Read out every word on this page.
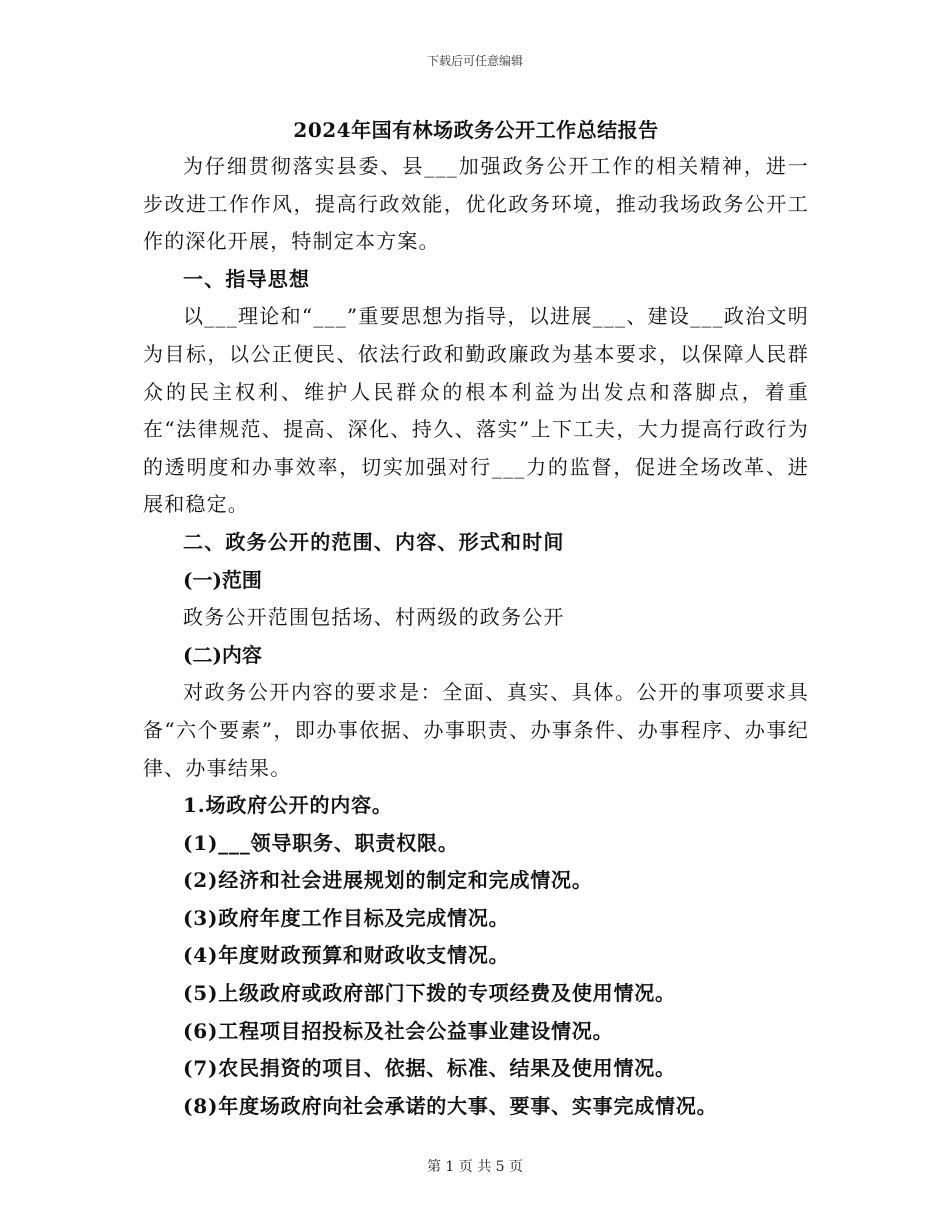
下载后可任意编辑
2024年国有林场政务公开工作总结报告

为仔细贯彻落实县委、县___加强政务公开工作的相关精神，进一步改进工作作风，提高行政效能，优化政务环境，推动我场政务公开工作的深化开展，特制定本方案。

一、指导思想

以___理论和“___”重要思想为指导，以进展___、建设___政治文明为目标，以公正便民、依法行政和勤政廉政为基本要求，以保障人民群众的民主权利、维护人民群众的根本利益为出发点和落脚点，着重在“法律规范、提高、深化、持久、落实”上下工夫，大力提高行政行为的透明度和办事效率，切实加强对行___力的监督，促进全场改革、进展和稳定。

二、政务公开的范围、内容、形式和时间

(一)范围

政务公开范围包括场、村两级的政务公开

(二)内容

对政务公开内容的要求是：全面、真实、具体。公开的事项要求具备“六个要素”，即办事依据、办事职责、办事条件、办事程序、办事纪律、办事结果。

1.场政府公开的内容。

(1)___领导职务、职责权限。

(2)经济和社会进展规划的制定和完成情况。

(3)政府年度工作目标及完成情况。

(4)年度财政预算和财政收支情况。

(5)上级政府或政府部门下拨的专项经费及使用情况。

(6)工程项目招投标及社会公益事业建设情况。

(7)农民捐资的项目、依据、标准、结果及使用情况。

(8)年度场政府向社会承诺的大事、要事、实事完成情况。

第 1 页 共 5 页
